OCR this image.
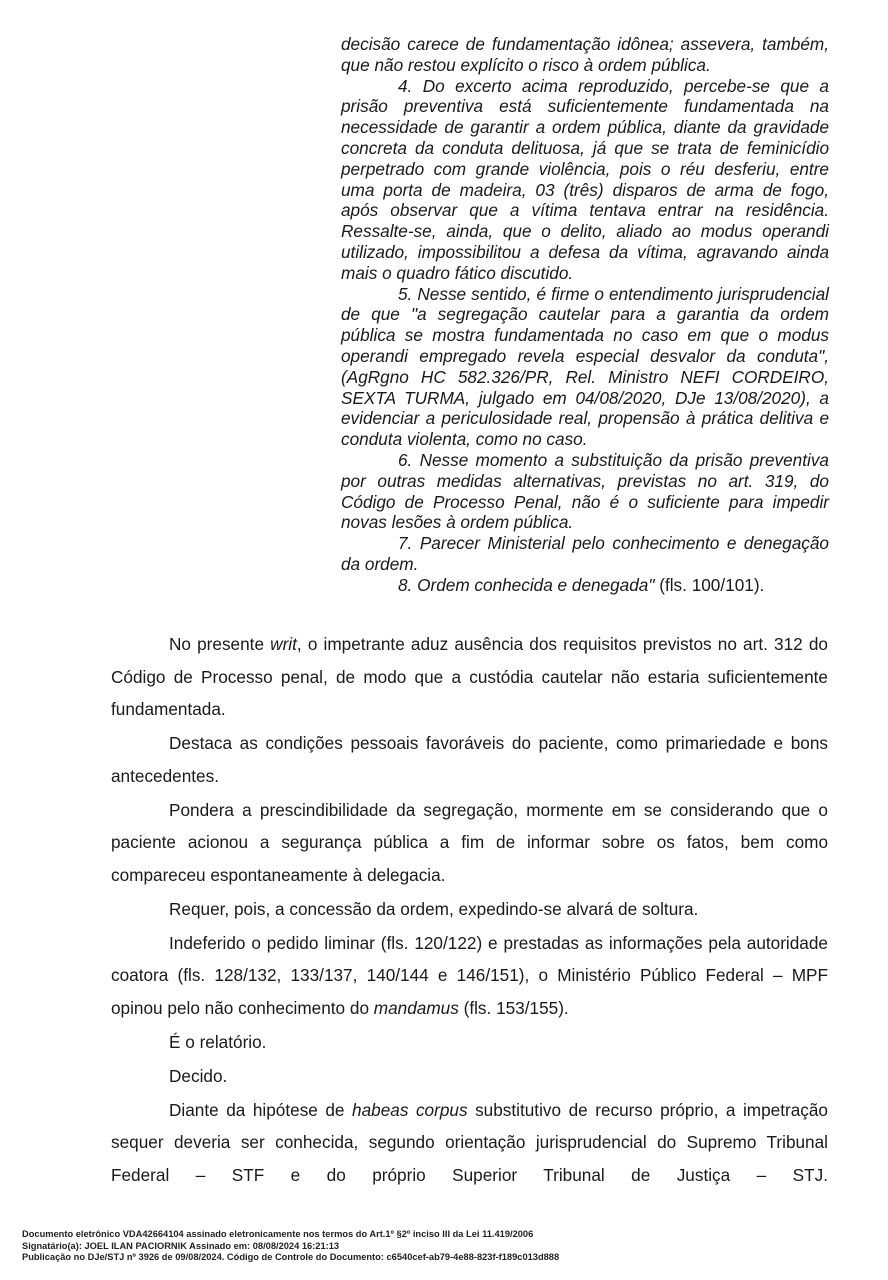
decisão carece de fundamentação idônea; assevera, também, que não restou explícito o risco à ordem pública.

4. Do excerto acima reproduzido, percebe-se que a prisão preventiva está suficientemente fundamentada na necessidade de garantir a ordem pública, diante da gravidade concreta da conduta delituosa, já que se trata de feminicídio perpetrado com grande violência, pois o réu desferiu, entre uma porta de madeira, 03 (três) disparos de arma de fogo, após observar que a vítima tentava entrar na residência. Ressalte-se, ainda, que o delito, aliado ao modus operandi utilizado, impossibilitou a defesa da vítima, agravando ainda mais o quadro fático discutido.

5. Nesse sentido, é firme o entendimento jurisprudencial de que "a segregação cautelar para a garantia da ordem pública se mostra fundamentada no caso em que o modus operandi empregado revela especial desvalor da conduta", (AgRgno HC 582.326/PR, Rel. Ministro NEFI CORDEIRO, SEXTA TURMA, julgado em 04/08/2020, DJe 13/08/2020), a evidenciar a periculosidade real, propensão à prática delitiva e conduta violenta, como no caso.

6. Nesse momento a substituição da prisão preventiva por outras medidas alternativas, previstas no art. 319, do Código de Processo Penal, não é o suficiente para impedir novas lesões à ordem pública.

7. Parecer Ministerial pelo conhecimento e denegação da ordem.

8. Ordem conhecida e denegada" (fls. 100/101).

No presente writ, o impetrante aduz ausência dos requisitos previstos no art. 312 do Código de Processo penal, de modo que a custódia cautelar não estaria suficientemente fundamentada.

Destaca as condições pessoais favoráveis do paciente, como primariedade e bons antecedentes.

Pondera a prescindibilidade da segregação, mormente em se considerando que o paciente acionou a segurança pública a fim de informar sobre os fatos, bem como compareceu espontaneamente à delegacia.

Requer, pois, a concessão da ordem, expedindo-se alvará de soltura.

Indeferido o pedido liminar (fls. 120/122) e prestadas as informações pela autoridade coatora (fls. 128/132, 133/137, 140/144 e 146/151), o Ministério Público Federal – MPF opinou pelo não conhecimento do mandamus (fls. 153/155).

É o relatório.

Decido.

Diante da hipótese de habeas corpus substitutivo de recurso próprio, a impetração sequer deveria ser conhecida, segundo orientação jurisprudencial do Supremo Tribunal Federal – STF e do próprio Superior Tribunal de Justiça – STJ.

Documento eletrônico VDA42664104 assinado eletronicamente nos termos do Art.1º §2º inciso III da Lei 11.419/2006
Signatário(a): JOEL ILAN PACIORNIK Assinado em: 08/08/2024 16:21:13
Publicação no DJe/STJ nº 3926 de 09/08/2024. Código de Controle do Documento: c6540cef-ab79-4e88-823f-f189c013d888
